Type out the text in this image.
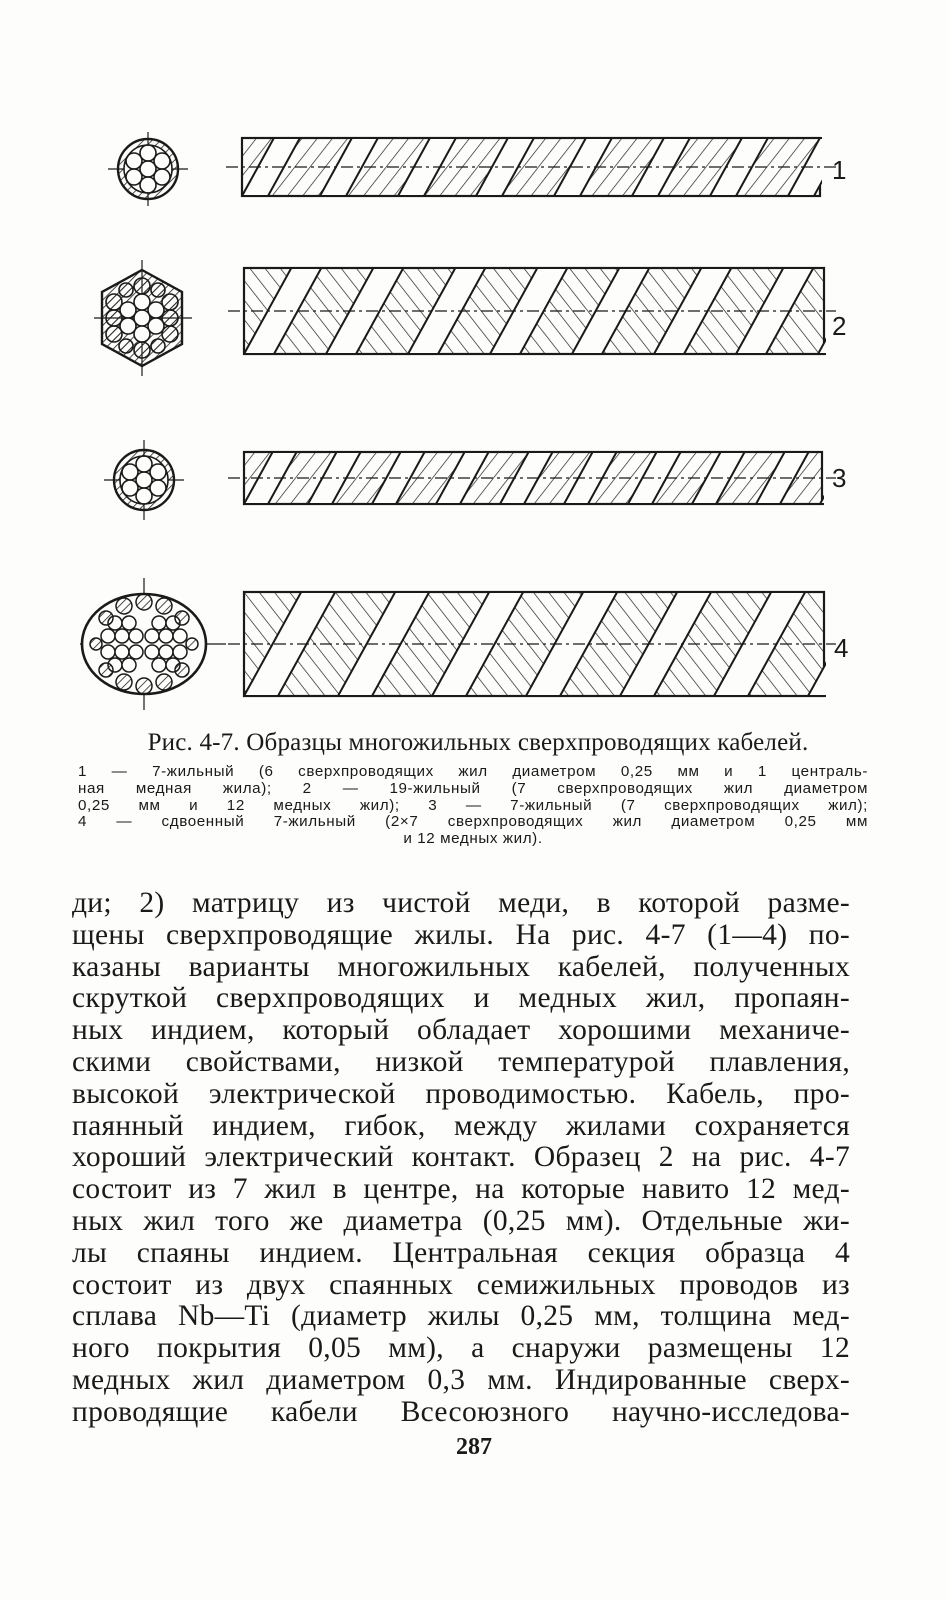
1
2
3
4
Рис. 4-7. Образцы многожильных сверхпроводящих кабелей.
1 — 7-жильный (6 сверхпроводящих жил диаметром 0,25 мм и 1 централь-
ная медная жила); 2 — 19-жильный (7 сверхпроводящих жил диаметром
0,25 мм и 12 медных жил); 3 — 7-жильный (7 сверхпроводящих жил);
4 — сдвоенный 7-жильный (2×7 сверхпроводящих жил диаметром 0,25 мм
и 12 медных жил).
ди; 2) матрицу из чистой меди, в которой разме-
щены сверхпроводящие жилы. На рис. 4-7 (1—4) по-
казаны варианты многожильных кабелей, полученных
скруткой сверхпроводящих и медных жил, пропаян-
ных индием, который обладает хорошими механиче-
скими свойствами, низкой температурой плавления,
высокой электрической проводимостью. Кабель, про-
паянный индием, гибок, между жилами сохраняется
хороший электрический контакт. Образец 2 на рис. 4-7
состоит из 7 жил в центре, на которые навито 12 мед-
ных жил того же диаметра (0,25 мм). Отдельные жи-
лы спаяны индием. Центральная секция образца 4
состоит из двух спаянных семижильных проводов из
сплава Nb—Ti (диаметр жилы 0,25 мм, толщина мед-
ного покрытия 0,05 мм), а снаружи размещены 12
медных жил диаметром 0,3 мм. Индированные сверх-
проводящие кабели Всесоюзного научно-исследова-
287
